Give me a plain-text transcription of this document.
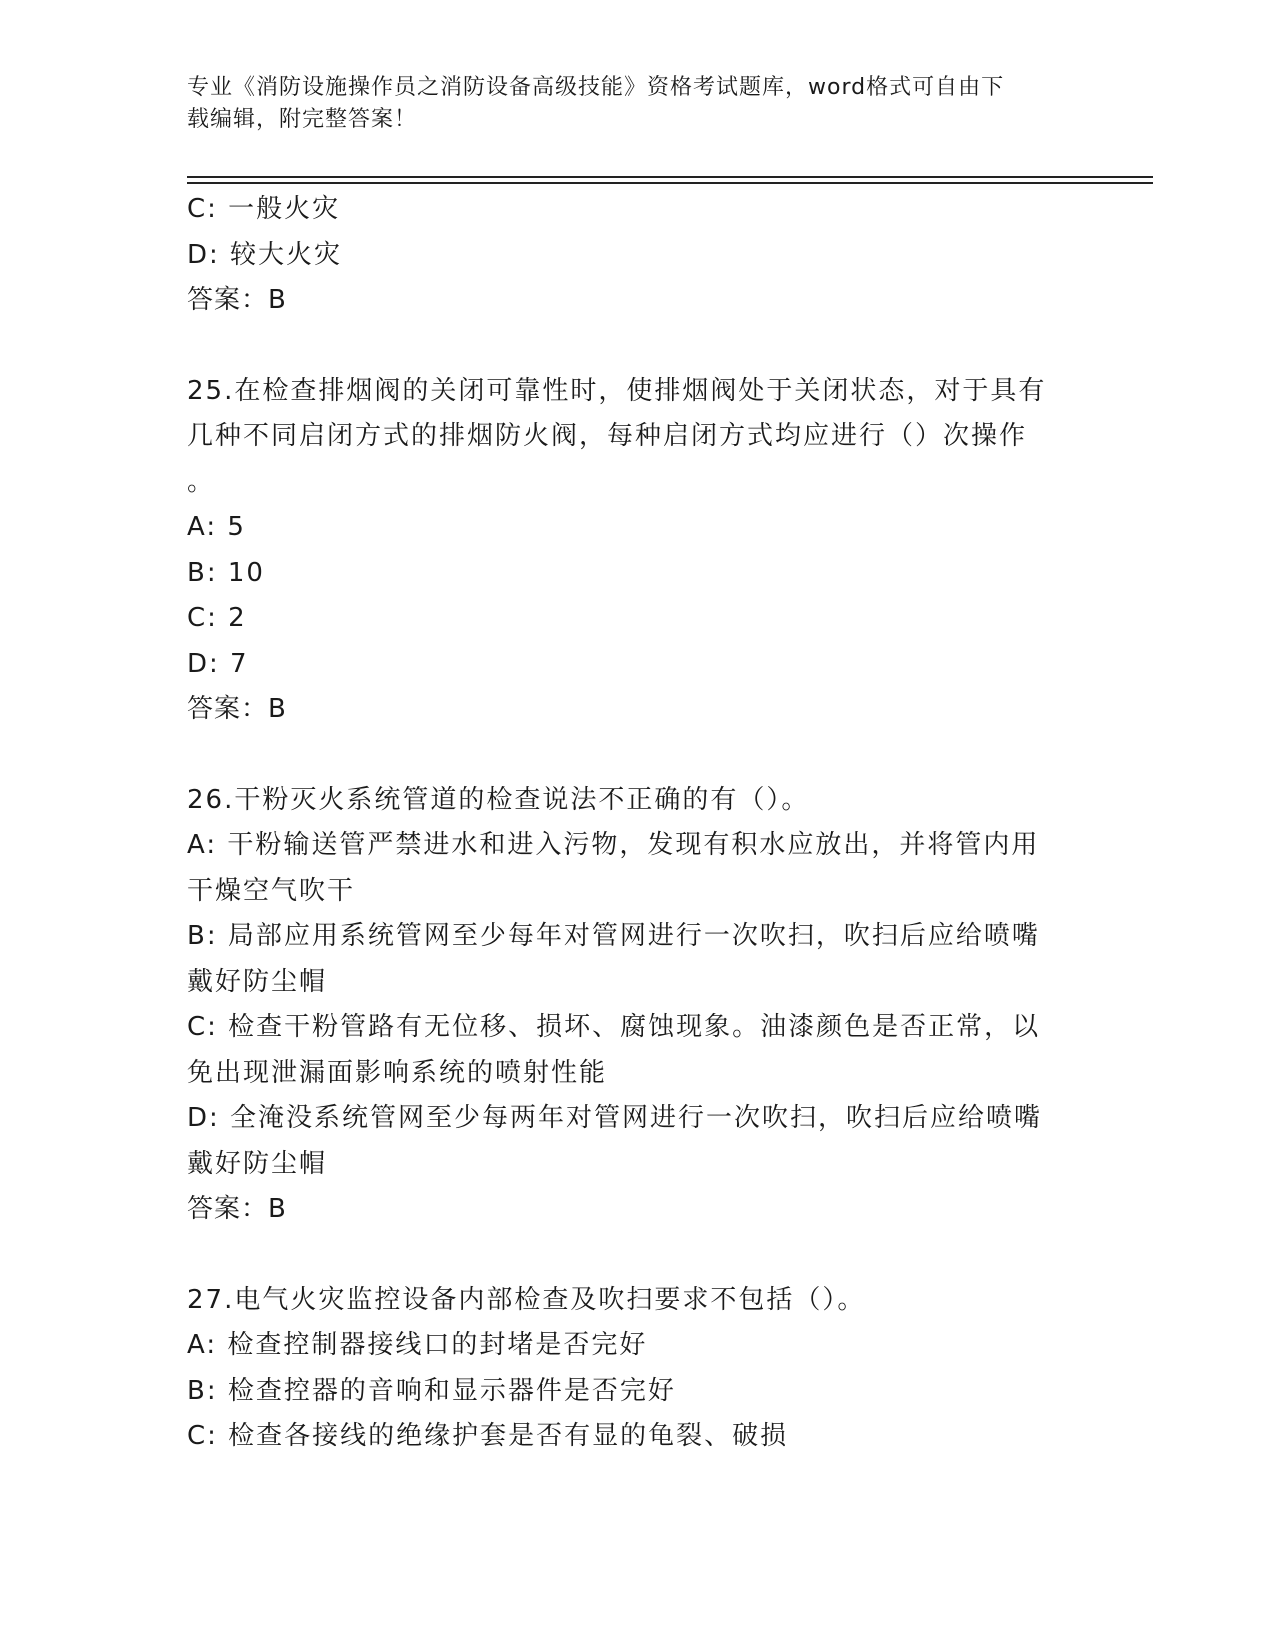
专业《消防设施操作员之消防设备高级技能》资格考试题库，word格式可自由下
载编辑，附完整答案！
C: 一般火灾
D: 较大火灾
答案：B
25.在检查排烟阀的关闭可靠性时，使排烟阀处于关闭状态，对于具有
几种不同启闭方式的排烟防火阀，每种启闭方式均应进行（）次操作
。
A: 5
B: 10
C: 2
D: 7
答案：B
26.干粉灭火系统管道的检查说法不正确的有（）。
A: 干粉输送管严禁进水和进入污物，发现有积水应放出，并将管内用
干燥空气吹干
B: 局部应用系统管网至少每年对管网进行一次吹扫，吹扫后应给喷嘴
戴好防尘帽
C: 检查干粉管路有无位移、损坏、腐蚀现象。油漆颜色是否正常，以
免出现泄漏面影响系统的喷射性能
D: 全淹没系统管网至少每两年对管网进行一次吹扫，吹扫后应给喷嘴
戴好防尘帽
答案：B
27.电气火灾监控设备内部检查及吹扫要求不包括（）。
A: 检查控制器接线口的封堵是否完好
B: 检查控器的音响和显示器件是否完好
C: 检查各接线的绝缘护套是否有显的龟裂、破损
